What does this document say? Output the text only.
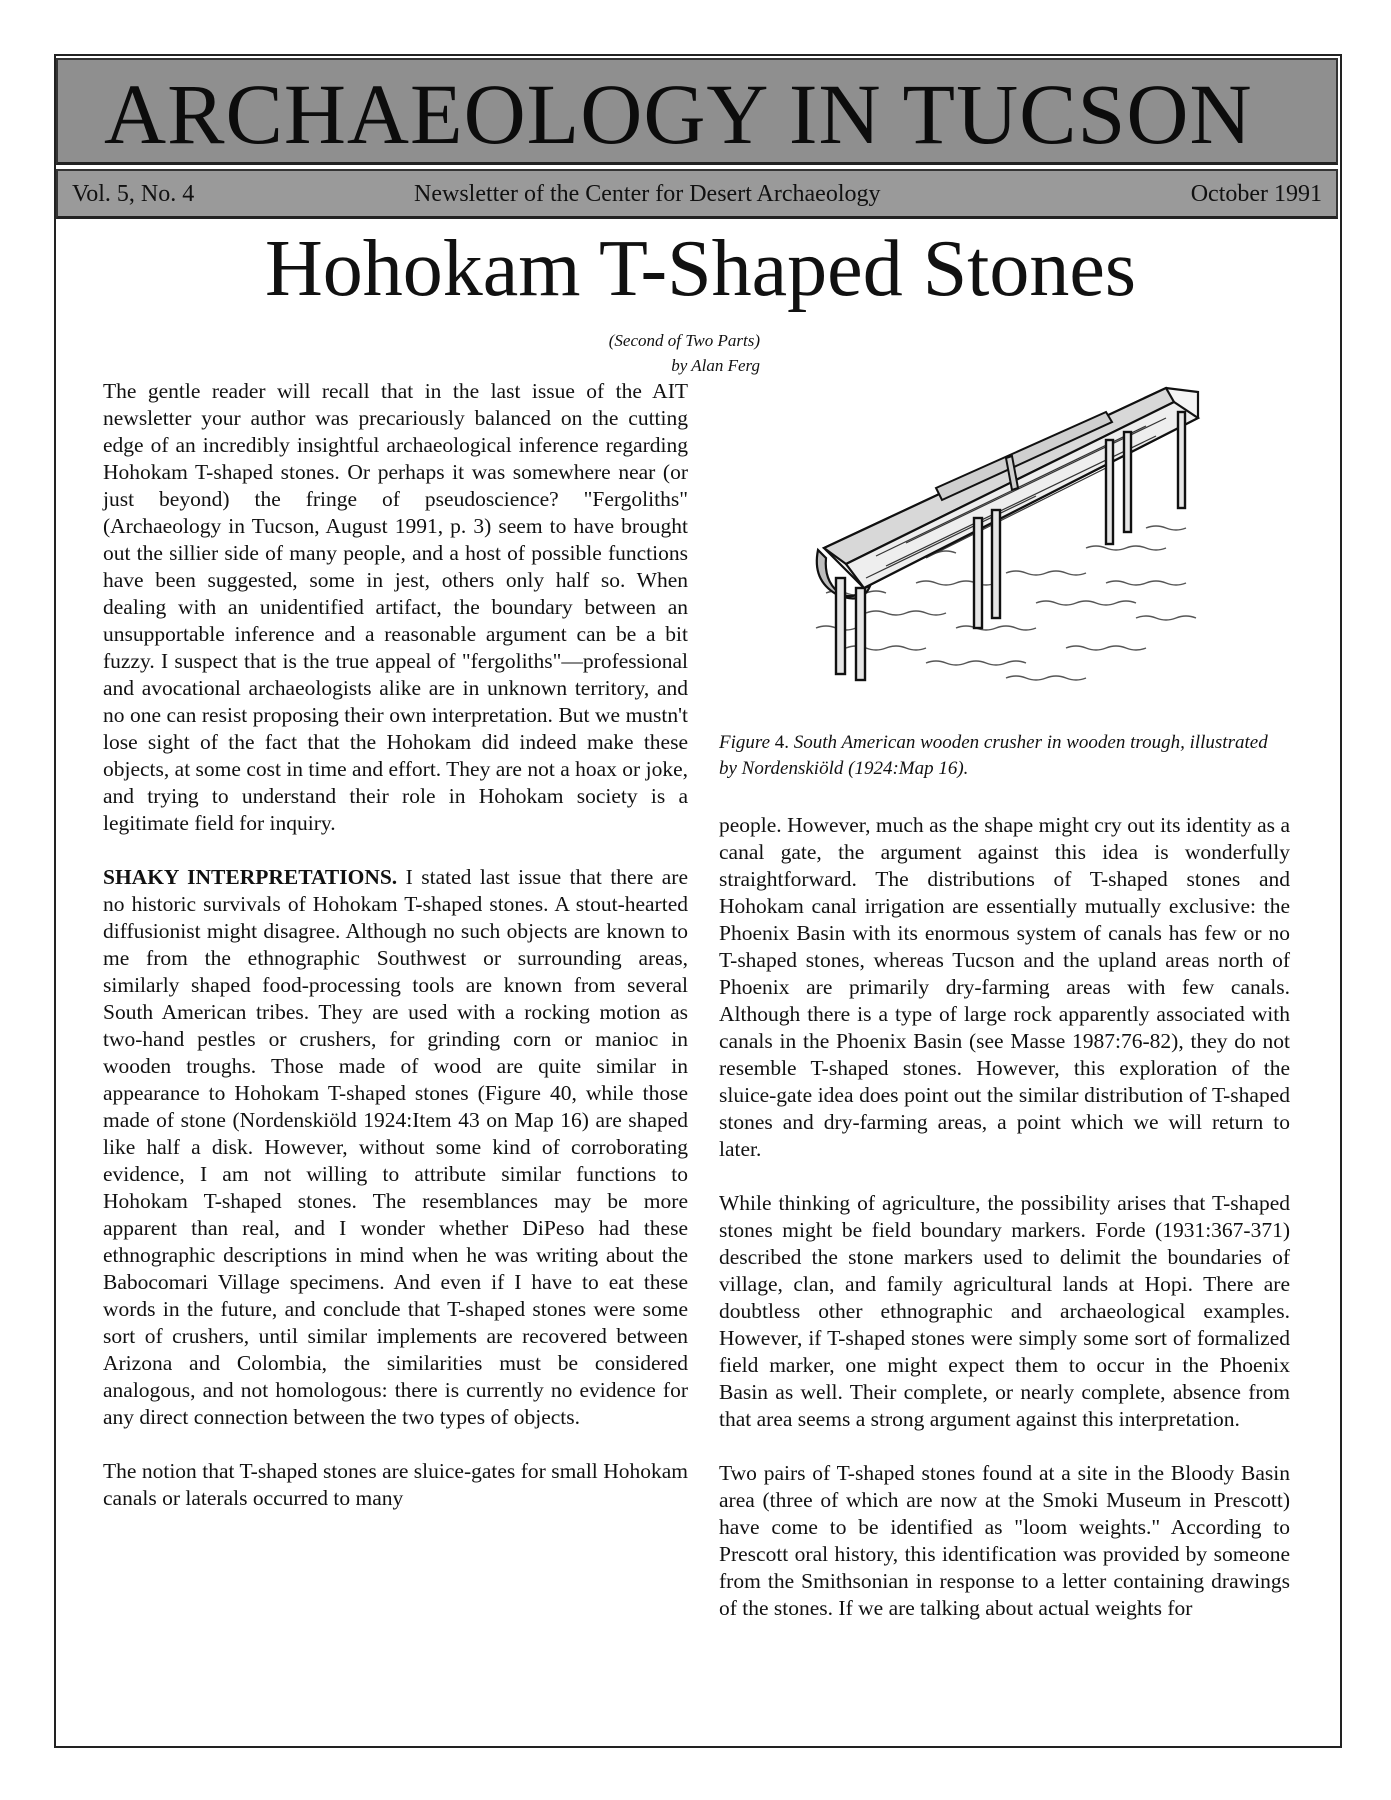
ARCHAEOLOGY IN TUCSON
Vol. 5, No. 4	Newsletter of the Center for Desert Archaeology	October 1991
Hohokam T-Shaped Stones
(Second of Two Parts)
by Alan Ferg

The gentle reader will recall that in the last issue of the AIT newsletter your author was precariously balanced on the cutting edge of an incredibly insightful archaeological inference regarding Hohokam T-shaped stones. Or perhaps it was somewhere near (or just beyond) the fringe of pseudoscience? "Fergoliths" (Archaeology in Tucson, August 1991, p. 3) seem to have brought out the sillier side of many people, and a host of possible functions have been suggested, some in jest, others only half so. When dealing with an unidentified artifact, the boundary between an unsupportable inference and a reasonable argument can be a bit fuzzy. I suspect that is the true appeal of "fergoliths"—professional and avocational archaeologists alike are in unknown territory, and no one can resist proposing their own interpretation. But we mustn't lose sight of the fact that the Hohokam did indeed make these objects, at some cost in time and effort. They are not a hoax or joke, and trying to understand their role in Hohokam society is a legitimate field for inquiry.

SHAKY INTERPRETATIONS. I stated last issue that there are no historic survivals of Hohokam T-shaped stones. A stout-hearted diffusionist might disagree. Although no such objects are known to me from the ethnographic Southwest or surrounding areas, similarly shaped food-processing tools are known from several South American tribes. They are used with a rocking motion as two-hand pestles or crushers, for grinding corn or manioc in wooden troughs. Those made of wood are quite similar in appearance to Hohokam T-shaped stones (Figure 40, while those made of stone (Nordenskiöld 1924:Item 43 on Map 16) are shaped like half a disk. However, without some kind of corroborating evidence, I am not willing to attribute similar functions to Hohokam T-shaped stones. The resemblances may be more apparent than real, and I wonder whether DiPeso had these ethnographic descriptions in mind when he was writing about the Babocomari Village specimens. And even if I have to eat these words in the future, and conclude that T-shaped stones were some sort of crushers, until similar implements are recovered between Arizona and Colombia, the similarities must be considered analogous, and not homologous: there is currently no evidence for any direct connection between the two types of objects.

The notion that T-shaped stones are sluice-gates for small Hohokam canals or laterals occurred to many

Figure 4. South American wooden crusher in wooden trough, illustrated by Nordenskiöld (1924:Map 16).

people. However, much as the shape might cry out its identity as a canal gate, the argument against this idea is wonderfully straightforward. The distributions of T-shaped stones and Hohokam canal irrigation are essentially mutually exclusive: the Phoenix Basin with its enormous system of canals has few or no T-shaped stones, whereas Tucson and the upland areas north of Phoenix are primarily dry-farming areas with few canals. Although there is a type of large rock apparently associated with canals in the Phoenix Basin (see Masse 1987:76-82), they do not resemble T-shaped stones. However, this exploration of the sluice-gate idea does point out the similar distribution of T-shaped stones and dry-farming areas, a point which we will return to later.

While thinking of agriculture, the possibility arises that T-shaped stones might be field boundary markers. Forde (1931:367-371) described the stone markers used to delimit the boundaries of village, clan, and family agricultural lands at Hopi. There are doubtless other ethnographic and archaeological examples. However, if T-shaped stones were simply some sort of formalized field marker, one might expect them to occur in the Phoenix Basin as well. Their complete, or nearly complete, absence from that area seems a strong argument against this interpretation.

Two pairs of T-shaped stones found at a site in the Bloody Basin area (three of which are now at the Smoki Museum in Prescott) have come to be identified as "loom weights." According to Prescott oral history, this identification was provided by someone from the Smithsonian in response to a letter containing drawings of the stones. If we are talking about actual weights for
